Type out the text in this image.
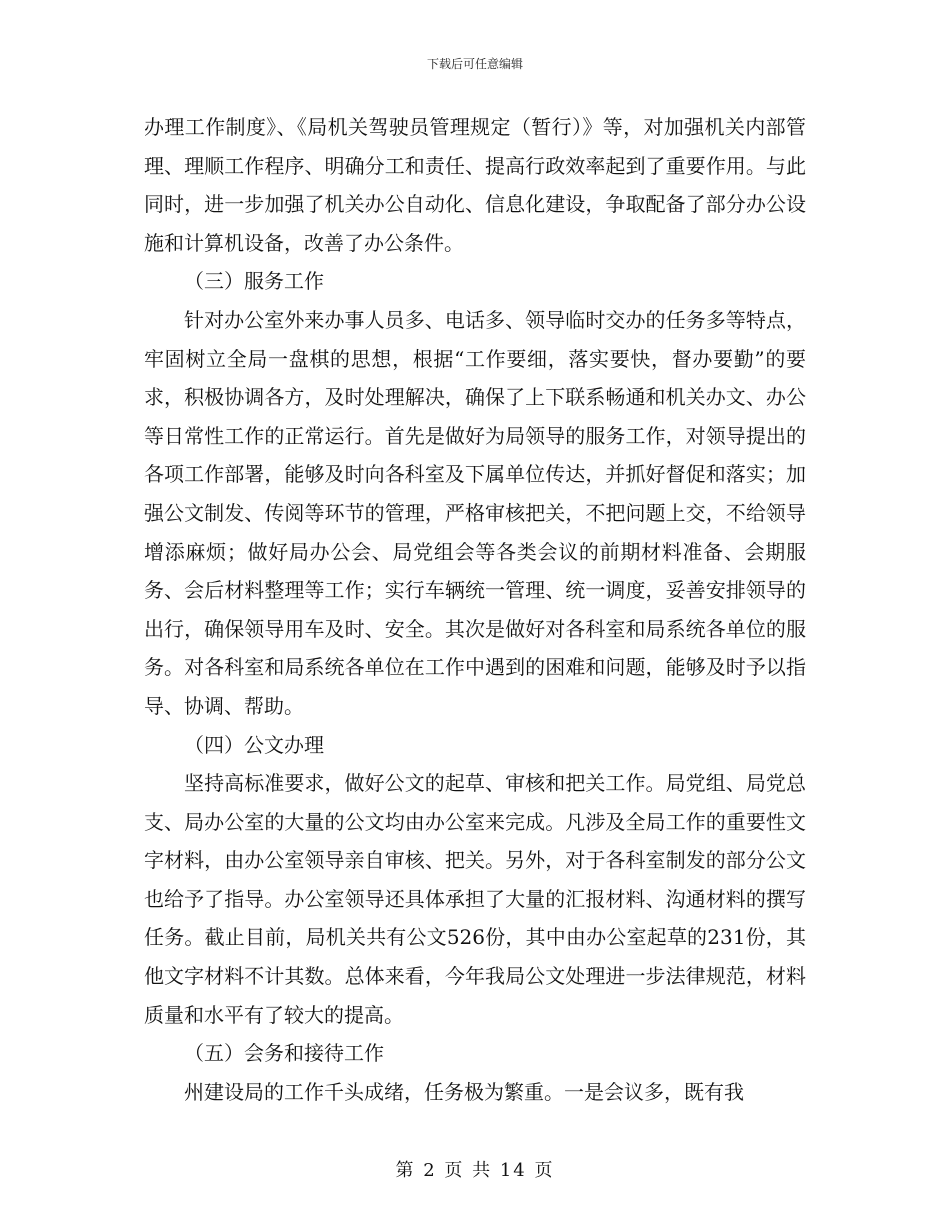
下载后可任意编辑

办理工作制度》、《局机关驾驶员管理规定（暂行）》等，对加强机关内部管理、理顺工作程序、明确分工和责任、提高行政效率起到了重要作用。与此同时，进一步加强了机关办公自动化、信息化建设，争取配备了部分办公设施和计算机设备，改善了办公条件。

（三）服务工作

针对办公室外来办事人员多、电话多、领导临时交办的任务多等特点，牢固树立全局一盘棋的思想，根据“工作要细，落实要快，督办要勤”的要求，积极协调各方，及时处理解决，确保了上下联系畅通和机关办文、办公等日常性工作的正常运行。首先是做好为局领导的服务工作，对领导提出的各项工作部署，能够及时向各科室及下属单位传达，并抓好督促和落实；加强公文制发、传阅等环节的管理，严格审核把关，不把问题上交，不给领导增添麻烦；做好局办公会、局党组会等各类会议的前期材料准备、会期服务、会后材料整理等工作；实行车辆统一管理、统一调度，妥善安排领导的出行，确保领导用车及时、安全。其次是做好对各科室和局系统各单位的服务。对各科室和局系统各单位在工作中遇到的困难和问题，能够及时予以指导、协调、帮助。

（四）公文办理

坚持高标准要求，做好公文的起草、审核和把关工作。局党组、局党总支、局办公室的大量的公文均由办公室来完成。凡涉及全局工作的重要性文字材料，由办公室领导亲自审核、把关。另外，对于各科室制发的部分公文也给予了指导。办公室领导还具体承担了大量的汇报材料、沟通材料的撰写任务。截止目前，局机关共有公文526份，其中由办公室起草的231份，其他文字材料不计其数。总体来看，今年我局公文处理进一步法律规范，材料质量和水平有了较大的提高。

（五）会务和接待工作

州建设局的工作千头成绪，任务极为繁重。一是会议多，既有我

第 2 页 共 14 页
